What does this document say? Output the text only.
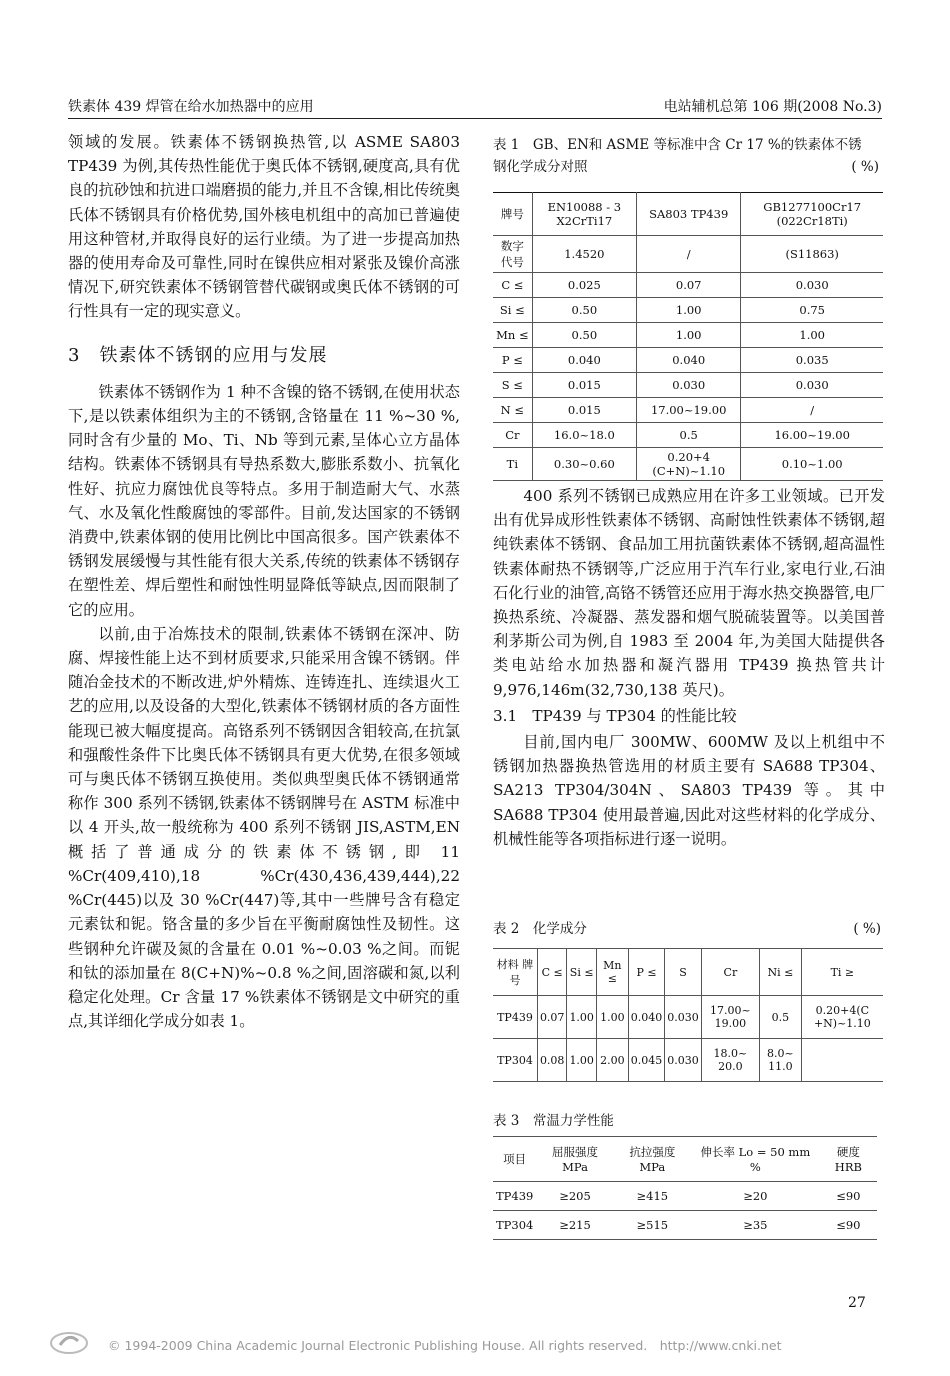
铁素体 439 焊管在给水加热器中的应用	电站辅机总第 106 期(2008 No.3)

领域的发展。铁素体不锈钢换热管,以 ASME SA803 TP439 为例,其传热性能优于奥氏体不锈钢,硬度高,具有优良的抗砂蚀和抗进口端磨损的能力,并且不含镍,相比传统奥氏体不锈钢具有价格优势,国外核电机组中的高加已普遍使用这种管材,并取得良好的运行业绩。为了进一步提高加热器的使用寿命及可靠性,同时在镍供应相对紧张及镍价高涨情况下,研究铁素体不锈钢管替代碳钢或奥氏体不锈钢的可行性具有一定的现实意义。

3　铁素体不锈钢的应用与发展

铁素体不锈钢作为 1 种不含镍的铬不锈钢,在使用状态下,是以铁素体组织为主的不锈钢,含铬量在 11 %~30 %,同时含有少量的 Mo、Ti、Nb 等到元素,呈体心立方晶体结构。铁素体不锈钢具有导热系数大,膨胀系数小、抗氧化性好、抗应力腐蚀优良等特点。多用于制造耐大气、水蒸气、水及氧化性酸腐蚀的零部件。目前,发达国家的不锈钢消费中,铁素体钢的使用比例比中国高很多。国产铁素体不锈钢发展缓慢与其性能有很大关系,传统的铁素体不锈钢存在塑性差、焊后塑性和耐蚀性明显降低等缺点,因而限制了它的应用。

以前,由于冶炼技术的限制,铁素体不锈钢在深冲、防腐、焊接性能上达不到材质要求,只能采用含镍不锈钢。伴随冶金技术的不断改进,炉外精炼、连铸连扎、连续退火工艺的应用,以及设备的大型化,铁素体不锈钢材质的各方面性能现已被大幅度提高。高铬系列不锈钢因含钼较高,在抗氯和强酸性条件下比奥氏体不锈钢具有更大优势,在很多领域可与奥氏体不锈钢互换使用。类似典型奥氏体不锈钢通常称作 300 系列不锈钢,铁素体不锈钢牌号在 ASTM 标准中以 4 开头,故一般统称为 400 系列不锈钢 JIS,ASTM,EN 概括了普通成分的铁素体不锈钢,即 11 %Cr(409,410),18 %Cr(430,436,439,444),22 %Cr(445)以及 30 %Cr(447)等,其中一些牌号含有稳定元素钛和铌。铬含量的多少旨在平衡耐腐蚀性及韧性。这些钢种允许碳及氮的含量在 0.01 %~0.03 %之间。而铌和钛的添加量在 8(C+N)%~0.8 %之间,固溶碳和氮,以利稳定化处理。Cr 含量 17 %铁素体不锈钢是文中研究的重点,其详细化学成分如表 1。

表 1　GB、EN和 ASME 等标准中含 Cr 17 %的铁素体不锈
钢化学成分对照	( %)
牌号	EN10088 - 3 X2CrTi17	SA803 TP439	GB1277100Cr17 (022Cr18Ti)
数字代号	1.4520	/	(S11863)
C ≤	0.025	0.07	0.030
Si ≤	0.50	1.00	0.75
Mn ≤	0.50	1.00	1.00
P ≤	0.040	0.040	0.035
S ≤	0.015	0.030	0.030
N ≤	0.015	17.00~19.00	/
Cr	16.0~18.0	0.5	16.00~19.00
Ti	0.30~0.60	0.20+4 (C+N)~1.10	0.10~1.00

400 系列不锈钢已成熟应用在许多工业领域。已开发出有优异成形性铁素体不锈钢、高耐蚀性铁素体不锈钢,超纯铁素体不锈钢、食品加工用抗菌铁素体不锈钢,超高温性铁素体耐热不锈钢等,广泛应用于汽车行业,家电行业,石油石化行业的油管,高铬不锈管还应用于海水热交换器管,电厂换热系统、冷凝器、蒸发器和烟气脱硫装置等。以美国普利茅斯公司为例,自 1983 至 2004 年,为美国大陆提供各类电站给水加热器和凝汽器用 TP439 换热管共计 9,976,146m(32,730,138 英尺)。

3.1　TP439 与 TP304 的性能比较

目前,国内电厂 300MW、600MW 及以上机组中不锈钢加热器换热管选用的材质主要有 SA688 TP304、SA213 TP304/304N、SA803 TP439 等。其中 SA688 TP304 使用最普遍,因此对这些材料的化学成分、机械性能等各项指标进行逐一说明。

表 2　化学成分	( %)
材料 牌号	C ≤	Si ≤	Mn ≤	P ≤	S	Cr	Ni ≤	Ti ≥
TP439	0.07	1.00	1.00	0.040	0.030	17.00~ 19.00	0.5	0.20+4(C +N)~1.10
TP304	0.08	1.00	2.00	0.045	0.030	18.0~ 20.0	8.0~ 11.0	
表 3　常温力学性能
项目	屈服强度 MPa	抗拉强度 MPa	伸长率 Lo = 50 mm　%	硬度 HRB
TP439	≥205	≥415	≥20	≤90
TP304	≥215	≥515	≥35	≤90
27
© 1994-2009 China Academic Journal Electronic Publishing House. All rights reserved.　http://www.cnki.net
